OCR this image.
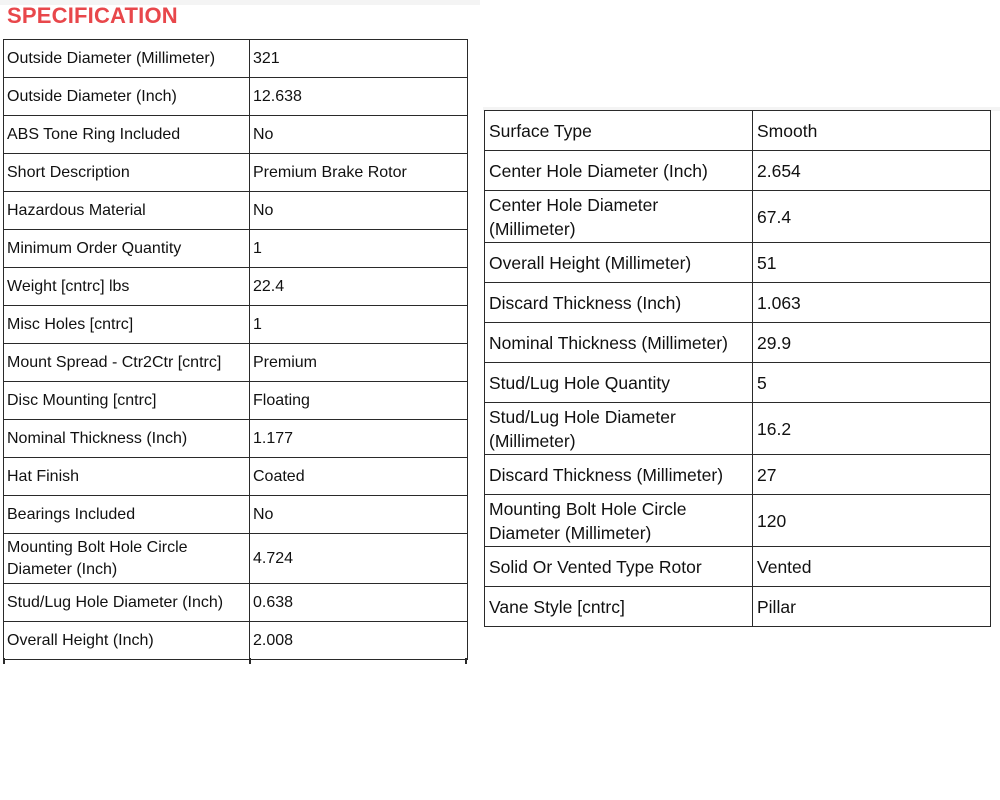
SPECIFICATION
Outside Diameter (Millimeter)	321
Outside Diameter (Inch)	12.638
ABS Tone Ring Included	No
Short Description	Premium Brake Rotor
Hazardous Material	No
Minimum Order Quantity	1
Weight [cntrc] lbs	22.4
Misc Holes [cntrc]	1
Mount Spread - Ctr2Ctr [cntrc]	Premium
Disc Mounting [cntrc]	Floating
Nominal Thickness (Inch)	1.177
Hat Finish	Coated
Bearings Included	No
Mounting Bolt Hole Circle Diameter (Inch)	4.724
Stud/Lug Hole Diameter (Inch)	0.638
Overall Height (Inch)	2.008
Surface Type	Smooth
Center Hole Diameter (Inch)	2.654
Center Hole Diameter (Millimeter)	67.4
Overall Height (Millimeter)	51
Discard Thickness (Inch)	1.063
Nominal Thickness (Millimeter)	29.9
Stud/Lug Hole Quantity	5
Stud/Lug Hole Diameter (Millimeter)	16.2
Discard Thickness (Millimeter)	27
Mounting Bolt Hole Circle Diameter (Millimeter)	120
Solid Or Vented Type Rotor	Vented
Vane Style [cntrc]	Pillar
